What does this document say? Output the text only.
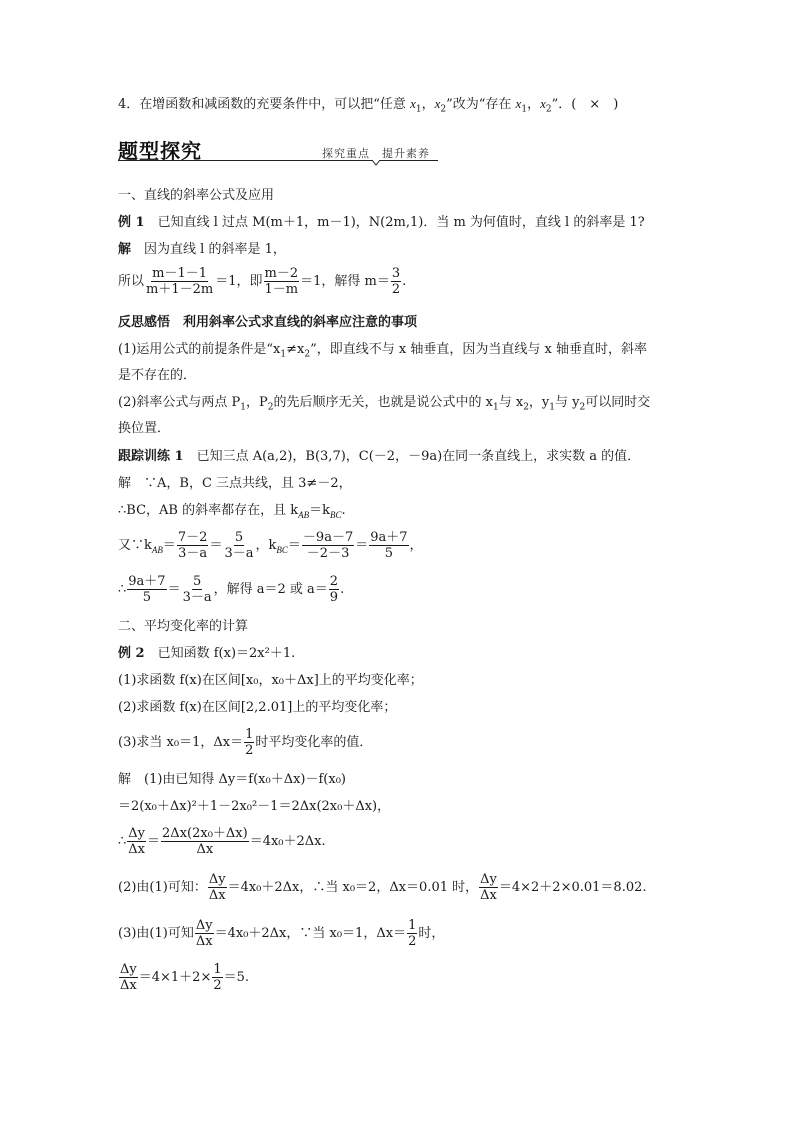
4．在增函数和减函数的充要条件中，可以把“任意 $x_1$，$x_2$”改为“存在 $x_1$，$x_2$”．(　×　)
题型探究	探究重点　提升素养
一、直线的斜率公式及应用
例 1　 已知直线 l 过点 M(m＋1，m－1)，N(2m,1)．当 m 为何值时，直线 l 的斜率是 1?
解　 因为直线 l 的斜率是 1，
所以 $\frac{m-1-1}{m+1-2m} =1$，即 $\frac{m-2}{1-m} =1$，解得 $m= \frac{3}{2}$ .
反思感悟　利用斜率公式求直线的斜率应注意的事项
(1)运用公式的前提条件是“$x_1\ne x_2$”，即直线不与 x 轴垂直，因为当直线与 x 轴垂直时，斜率
是不存在的．
(2)斜率公式与两点 $P_1$，$P_2$的先后顺序无关，也就是说公式中的 $x_1$与 $x_2$，$y_1$与 $y_2$可以同时交
换位置．
跟踪训练 1　 已知三点 A(a,2)，B(3,7)，C(－2，－9a)在同一条直线上，求实数 a 的值．
解　∵A，B，C 三点共线，且 3≠－2，
∴BC，AB 的斜率都存在，且 $k_{AB}=k_{BC}$.
又$\because k_{AB}= \frac{7-2}{3-a} = \frac{5}{3-a}$ ，$k_{BC}= \frac{-9a-7}{-2-3} = \frac{9a+7}{5}$ ，
∴ $\frac{9a+7}{5} = \frac{5}{3-a}$ ，解得 a＝2 或 $a= \frac{2}{9}$ .
二、平均变化率的计算
例 2　 已知函数 f(x)＝2x²＋1.
(1)求函数 f(x)在区间[x₀，x₀＋Δx]上的平均变化率；
(2)求函数 f(x)在区间[2,2.01]上的平均变化率；
(3)求当 x₀＝1，$\Delta x= \frac{1}{2}$ 时平均变化率的值．
解　(1)由已知得 Δy＝f(x₀＋Δx)－f(x₀)
＝2(x₀＋Δx)²＋1－2x₀²－1＝2Δx(2x₀＋Δx)，
∴ $\frac{\Delta y}{\Delta x} = \frac{\text{2Δx(2x₀＋Δx)}}{\Delta x} =4x_0+2\Delta x$.
(2)由(1)可知： $\frac{\Delta y}{\Delta x} =4x_0+2\Delta x$，∴当 x₀＝2，Δx＝0.01 时， $\frac{\Delta y}{\Delta x} =4\times 2+2\times 0.01=8.02$.
(3)由(1)可知 $\frac{\Delta y}{\Delta x} =4x_0+2\Delta x$，∵当 x₀＝1，$\Delta x= \frac{1}{2}$ 时，
$\frac{\Delta y}{\Delta x} =4\times 1+2\times \frac{1}{2} =5$.
